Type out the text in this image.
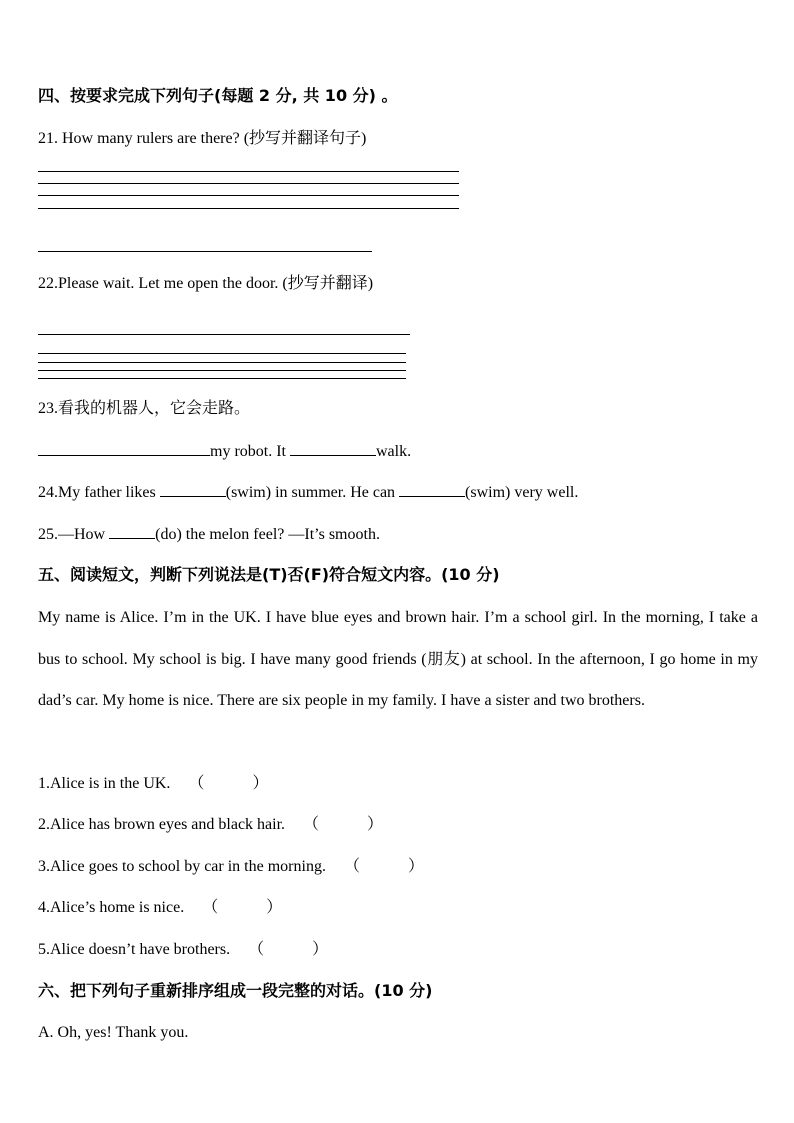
四、按要求完成下列句子(每题 2 分, 共 10 分) 。
21. How many rulers are there? (抄写并翻译句子)
22.Please wait. Let me open the door. (抄写并翻译)
23.看我的机器人，它会走路。
my robot. It	walk.
24.My father likes	(swim) in summer. He can	(swim) very well.
25.—How	(do) the melon feel? —It’s smooth.
五、阅读短文，判断下列说法是(T)否(F)符合短文内容。(10 分)
My name is Alice. I’m in the UK. I have blue eyes and brown hair. I’m a school girl. In the morning, I take a bus to school. My school is big. I have many good friends (朋友) at school. In the afternoon, I go home in my dad’s car. My home is nice. There are six people in my family. I have a sister and two brothers.
1.Alice is in the UK. （	）
2.Alice has brown eyes and black hair. （	）
3.Alice goes to school by car in the morning. （	）
4.Alice’s home is nice. （	）
5.Alice doesn’t have brothers. （	）
六、把下列句子重新排序组成一段完整的对话。(10 分)
A. Oh, yes! Thank you.
